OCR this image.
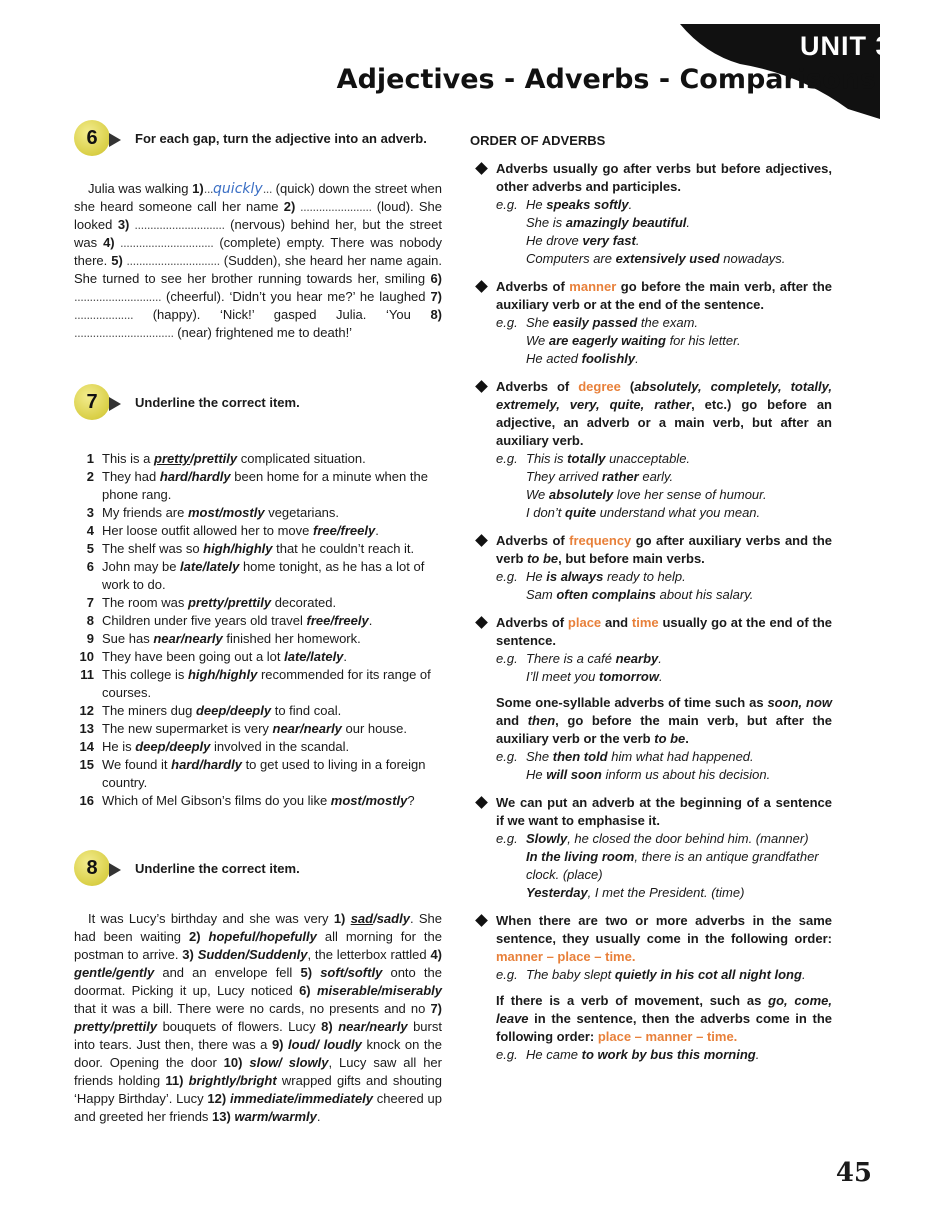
UNIT 3
Adjectives - Adverbs - Comparisons
6	For each gap, turn the adjective into an adverb.

Julia was walking 1)...quickly... (quick) down the street when she heard someone call her name 2) ....................... (loud). She looked 3) ............................. (nervous) behind her, but the street was 4) .............................. (complete) empty. There was nobody there. 5) .............................. (Sudden), she heard her name again. She turned to see her brother running towards her, smiling 6) ............................ (cheerful). ‘Didn’t you hear me?’ he laughed 7) ................... (happy). ‘Nick!’ gasped Julia. ‘You 8) ................................ (near) frightened me to death!’

7	Underline the correct item.
1 This is a pretty/prettily complicated situation.
2 They had hard/hardly been home for a minute when the phone rang.
3 My friends are most/mostly vegetarians.
4 Her loose outfit allowed her to move free/freely.
5 The shelf was so high/highly that he couldn’t reach it.
6 John may be late/lately home tonight, as he has a lot of work to do.
7 The room was pretty/prettily decorated.
8 Children under five years old travel free/freely.
9 Sue has near/nearly finished her homework.
10 They have been going out a lot late/lately.
11 This college is high/highly recommended for its range of courses.
12 The miners dug deep/deeply to find coal.
13 The new supermarket is very near/nearly our house.
14 He is deep/deeply involved in the scandal.
15 We found it hard/hardly to get used to living in a foreign country.
16 Which of Mel Gibson’s films do you like most/mostly?
8	Underline the correct item.

It was Lucy’s birthday and she was very 1) sad/sadly. She had been waiting 2) hopeful/hopefully all morning for the postman to arrive. 3) Sudden/Suddenly, the letterbox rattled 4) gentle/gently and an envelope fell 5) soft/softly onto the doormat. Picking it up, Lucy noticed 6) miserable/miserably that it was a bill. There were no cards, no presents and no 7) pretty/prettily bouquets of flowers. Lucy 8) near/nearly burst into tears. Just then, there was a 9) loud/ loudly knock on the door. Opening the door 10) slow/ slowly, Lucy saw all her friends holding 11) brightly/bright wrapped gifts and shouting ‘Happy Birthday’. Lucy 12) immediate/immediately cheered up and greeted her friends 13) warm/warmly.

ORDER OF ADVERBS
Adverbs usually go after verbs but before adjectives, other adverbs and participles.
e.g. He speaks softly.
She is amazingly beautiful.
He drove very fast.
Computers are extensively used nowadays.
Adverbs of manner go before the main verb, after the auxiliary verb or at the end of the sentence.
e.g. She easily passed the exam.
We are eagerly waiting for his letter.
He acted foolishly.
Adverbs of degree (absolutely, completely, totally, extremely, very, quite, rather, etc.) go before an adjective, an adverb or a main verb, but after an auxiliary verb.
e.g. This is totally unacceptable.
They arrived rather early.
We absolutely love her sense of humour.
I don’t quite understand what you mean.
Adverbs of frequency go after auxiliary verbs and the verb to be, but before main verbs.
e.g. He is always ready to help.
Sam often complains about his salary.
Adverbs of place and time usually go at the end of the sentence.
e.g. There is a café nearby.
I’ll meet you tomorrow.
Some one-syllable adverbs of time such as soon, now and then, go before the main verb, but after the auxiliary verb or the verb to be.
e.g. She then told him what had happened.
He will soon inform us about his decision.
We can put an adverb at the beginning of a sentence if we want to emphasise it.
e.g. Slowly, he closed the door behind him. (manner)
In the living room, there is an antique grandfather clock. (place)
Yesterday, I met the President. (time)
When there are two or more adverbs in the same sentence, they usually come in the following order: manner – place – time.
e.g. The baby slept quietly in his cot all night long.
If there is a verb of movement, such as go, come, leave in the sentence, then the adverbs come in the following order: place – manner – time.
e.g. He came to work by bus this morning.
45
